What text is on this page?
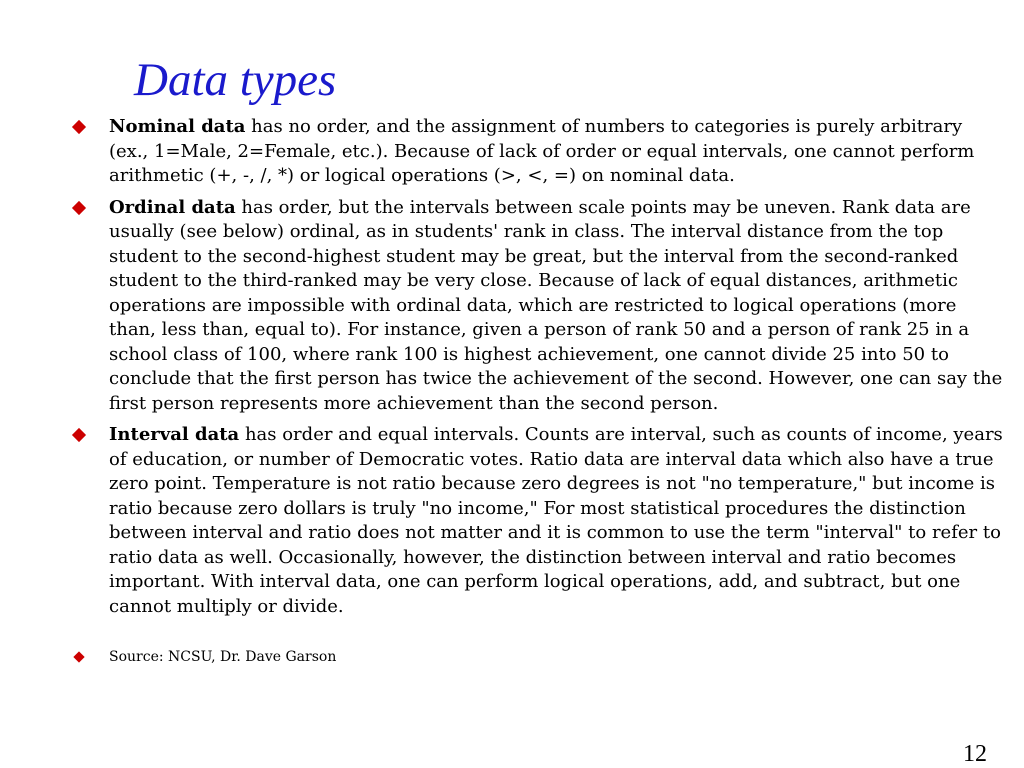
Data types
Nominal data has no order, and the assignment of numbers to categories is purely arbitrary (ex., 1=Male, 2=Female, etc.). Because of lack of order or equal intervals, one cannot perform arithmetic (+, -, /, *) or logical operations (>, <, =) on nominal data.
Ordinal data has order, but the intervals between scale points may be uneven. Rank data are usually (see below) ordinal, as in students' rank in class. The interval distance from the top student to the second-highest student may be great, but the interval from the second-ranked student to the third-ranked may be very close. Because of lack of equal distances, arithmetic operations are impossible with ordinal data, which are restricted to logical operations (more than, less than, equal to). For instance, given a person of rank 50 and a person of rank 25 in a school class of 100, where rank 100 is highest achievement, one cannot divide 25 into 50 to conclude that the first person has twice the achievement of the second. However, one can say the first person represents more achievement than the second person.
Interval data has order and equal intervals. Counts are interval, such as counts of income, years of education, or number of Democratic votes. Ratio data are interval data which also have a true zero point. Temperature is not ratio because zero degrees is not "no temperature," but income is ratio because zero dollars is truly "no income," For most statistical procedures the distinction between interval and ratio does not matter and it is common to use the term "interval" to refer to ratio data as well. Occasionally, however, the distinction between interval and ratio becomes important. With interval data, one can perform logical operations, add, and subtract, but one cannot multiply or divide.
Source: NCSU, Dr. Dave Garson

12
